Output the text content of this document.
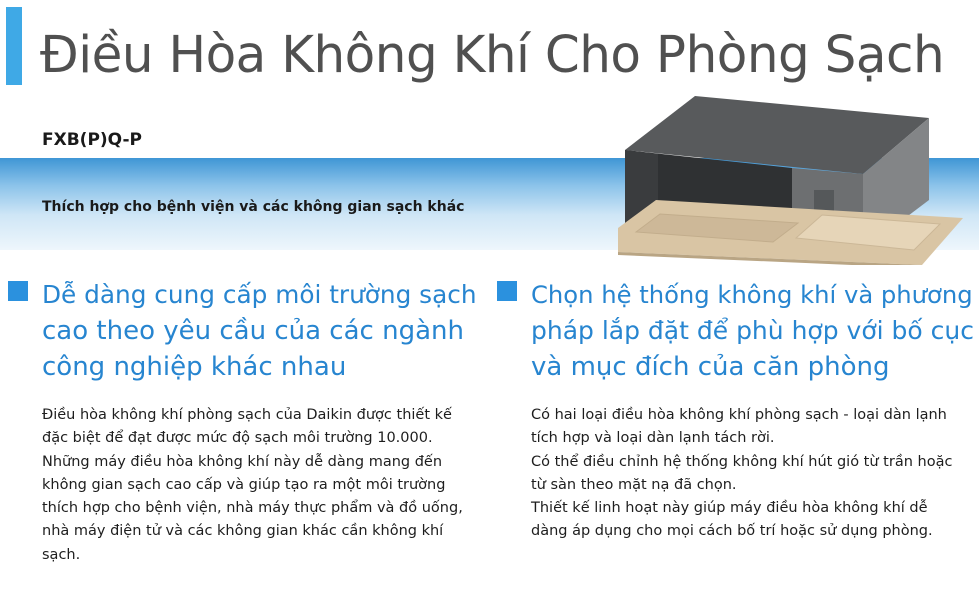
Điều Hòa Không Khí Cho Phòng Sạch
FXB(P)Q-P
Thích hợp cho bệnh viện và các không gian sạch khác
Dễ dàng cung cấp môi trường sạch
cao theo yêu cầu của các ngành
công nghiệp khác nhau
Điều hòa không khí phòng sạch của Daikin được thiết kế
đặc biệt để đạt được mức độ sạch môi trường 10.000.
Những máy điều hòa không khí này dễ dàng mang đến
không gian sạch cao cấp và giúp tạo ra một môi trường
thích hợp cho bệnh viện, nhà máy thực phẩm và đồ uống,
nhà máy điện tử và các không gian khác cần không khí
sạch.
Chọn hệ thống không khí và phương
pháp lắp đặt để phù hợp với bố cục
và mục đích của căn phòng
Có hai loại điều hòa không khí phòng sạch - loại dàn lạnh
tích hợp và loại dàn lạnh tách rời.
Có thể điều chỉnh hệ thống không khí hút gió từ trần hoặc
từ sàn theo mặt nạ đã chọn.
Thiết kế linh hoạt này giúp máy điều hòa không khí dễ
dàng áp dụng cho mọi cách bố trí hoặc sử dụng phòng.
